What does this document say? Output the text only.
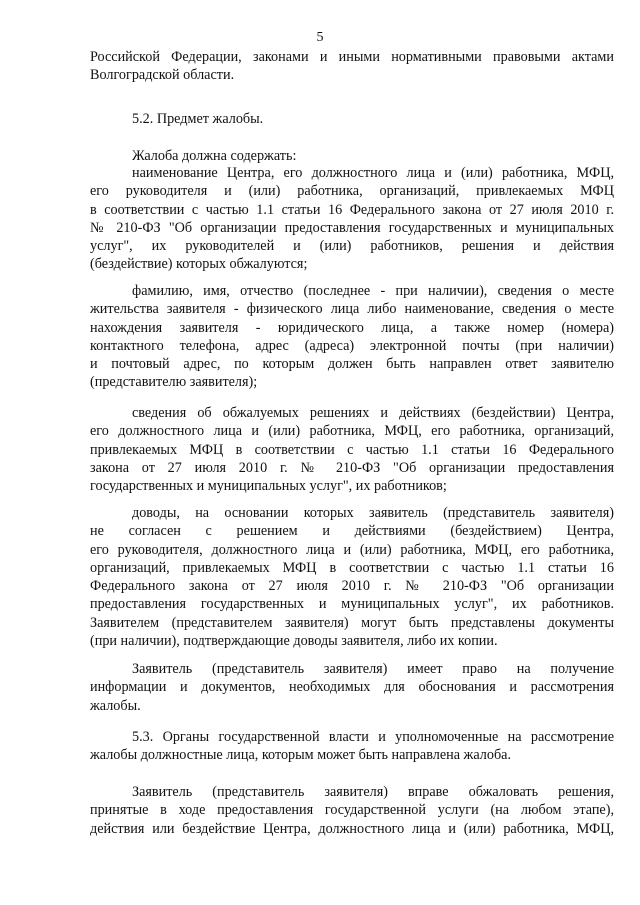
5
Российской Федерации, законами и иными нормативными правовыми актами
Волгоградской области.
5.2. Предмет жалобы.
Жалоба должна содержать:
наименование Центра, его должностного лица и (или) работника, МФЦ,
его руководителя и (или) работника, организаций, привлекаемых МФЦ
в соответствии с частью 1.1 статьи 16 Федерального закона от 27 июля 2010 г.
№ 210-ФЗ "Об организации предоставления государственных и муниципальных
услуг", их руководителей и (или) работников, решения и действия
(бездействие) которых обжалуются;
фамилию, имя, отчество (последнее - при наличии), сведения о месте
жительства заявителя - физического лица либо наименование, сведения о месте
нахождения заявителя - юридического лица, а также номер (номера)
контактного телефона, адрес (адреса) электронной почты (при наличии)
и почтовый адрес, по которым должен быть направлен ответ заявителю
(представителю заявителя);
сведения об обжалуемых решениях и действиях (бездействии) Центра,
его должностного лица и (или) работника, МФЦ, его работника, организаций,
привлекаемых МФЦ в соответствии с частью 1.1 статьи 16 Федерального
закона от 27 июля 2010 г. № 210-ФЗ "Об организации предоставления
государственных и муниципальных услуг", их работников;
доводы, на основании которых заявитель (представитель заявителя)
не согласен с решением и действиями (бездействием) Центра,
его руководителя, должностного лица и (или) работника, МФЦ, его работника,
организаций, привлекаемых МФЦ в соответствии с частью 1.1 статьи 16
Федерального закона от 27 июля 2010 г. № 210-ФЗ "Об организации
предоставления государственных и муниципальных услуг", их работников.
Заявителем (представителем заявителя) могут быть представлены документы
(при наличии), подтверждающие доводы заявителя, либо их копии.
Заявитель (представитель заявителя) имеет право на получение
информации и документов, необходимых для обоснования и рассмотрения
жалобы.
5.3. Органы государственной власти и уполномоченные на рассмотрение
жалобы должностные лица, которым может быть направлена жалоба.
Заявитель (представитель заявителя) вправе обжаловать решения,
принятые в ходе предоставления государственной услуги (на любом этапе),
действия или бездействие Центра, должностного лица и (или) работника, МФЦ,
